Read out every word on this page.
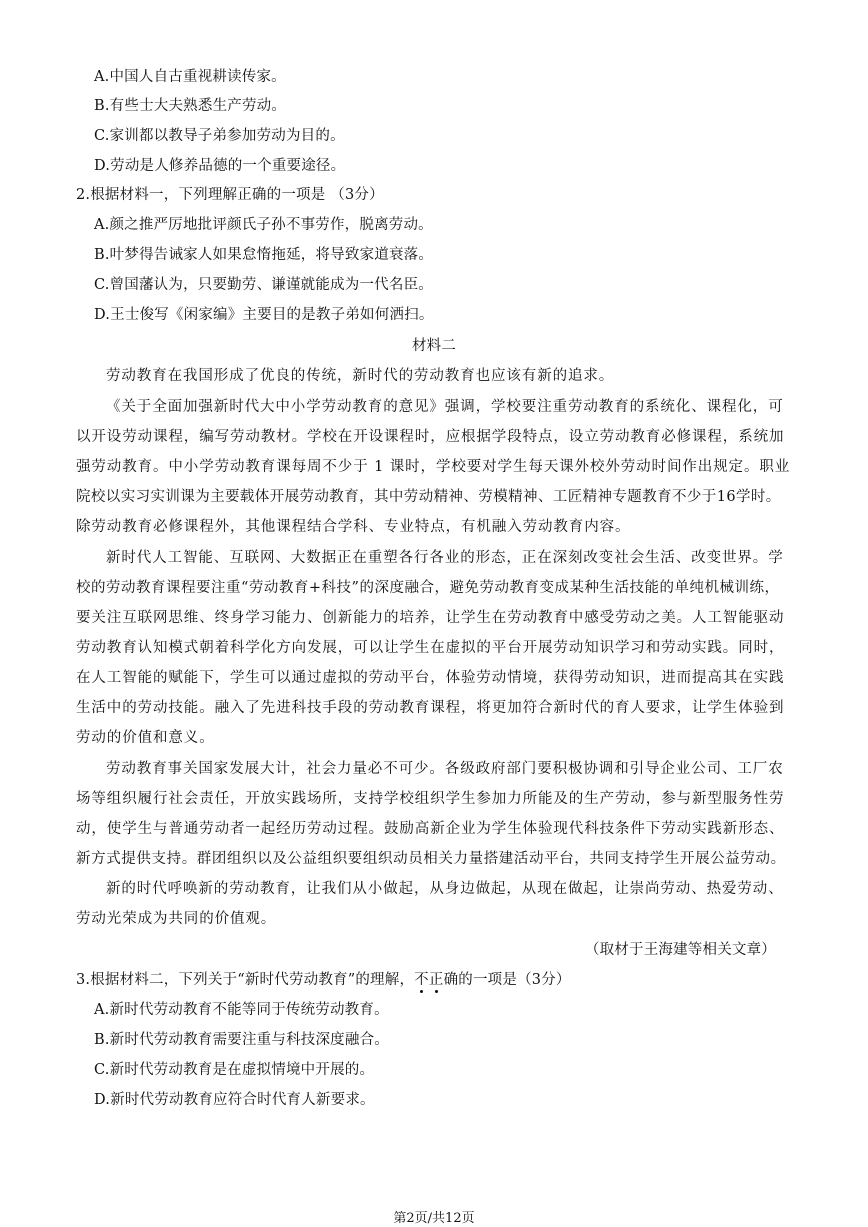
A.中国人自古重视耕读传家。
B.有些士大夫熟悉生产劳动。
C.家训都以教导子弟参加劳动为目的。
D.劳动是人修养品德的一个重要途径。
2.根据材料一，下列理解正确的一项是 （3分）
A.颜之推严厉地批评颜氏子孙不事劳作，脱离劳动。
B.叶梦得告诫家人如果怠惰拖延，将导致家道衰落。
C.曾国藩认为，只要勤劳、谦谨就能成为一代名臣。
D.王士俊写《闲家编》主要目的是教子弟如何洒扫。
材料二
劳动教育在我国形成了优良的传统，新时代的劳动教育也应该有新的追求。
《关于全面加强新时代大中小学劳动教育的意见》强调，学校要注重劳动教育的系统化、课程化，可
以开设劳动课程，编写劳动教材。学校在开设课程时，应根据学段特点，设立劳动教育必修课程，系统加
强劳动教育。中小学劳动教育课每周不少于 1 课时，学校要对学生每天课外校外劳动时间作出规定。职业
院校以实习实训课为主要载体开展劳动教育，其中劳动精神、劳模精神、工匠精神专题教育不少于16学时。
除劳动教育必修课程外，其他课程结合学科、专业特点，有机融入劳动教育内容。
新时代人工智能、互联网、大数据正在重塑各行各业的形态，正在深刻改变社会生活、改变世界。学
校的劳动教育课程要注重“劳动教育+科技”的深度融合，避免劳动教育变成某种生活技能的单纯机械训练，
要关注互联网思维、终身学习能力、创新能力的培养，让学生在劳动教育中感受劳动之美。人工智能驱动
劳动教育认知模式朝着科学化方向发展，可以让学生在虚拟的平台开展劳动知识学习和劳动实践。同时，
在人工智能的赋能下，学生可以通过虚拟的劳动平台，体验劳动情境，获得劳动知识，进而提高其在实践
生活中的劳动技能。融入了先进科技手段的劳动教育课程，将更加符合新时代的育人要求，让学生体验到
劳动的价值和意义。
劳动教育事关国家发展大计，社会力量必不可少。各级政府部门要积极协调和引导企业公司、工厂农
场等组织履行社会责任，开放实践场所，支持学校组织学生参加力所能及的生产劳动，参与新型服务性劳
动，使学生与普通劳动者一起经历劳动过程。鼓励高新企业为学生体验现代科技条件下劳动实践新形态、
新方式提供支持。群团组织以及公益组织要组织动员相关力量搭建活动平台，共同支持学生开展公益劳动。
新的时代呼唤新的劳动教育，让我们从小做起，从身边做起，从现在做起，让崇尚劳动、热爱劳动、
劳动光荣成为共同的价值观。
（取材于王海建等相关文章）
3.根据材料二，下列关于“新时代劳动教育”的理解，不正确的一项是（3分）
A.新时代劳动教育不能等同于传统劳动教育。
B.新时代劳动教育需要注重与科技深度融合。
C.新时代劳动教育是在虚拟情境中开展的。
D.新时代劳动教育应符合时代育人新要求。
第2页/共12页
